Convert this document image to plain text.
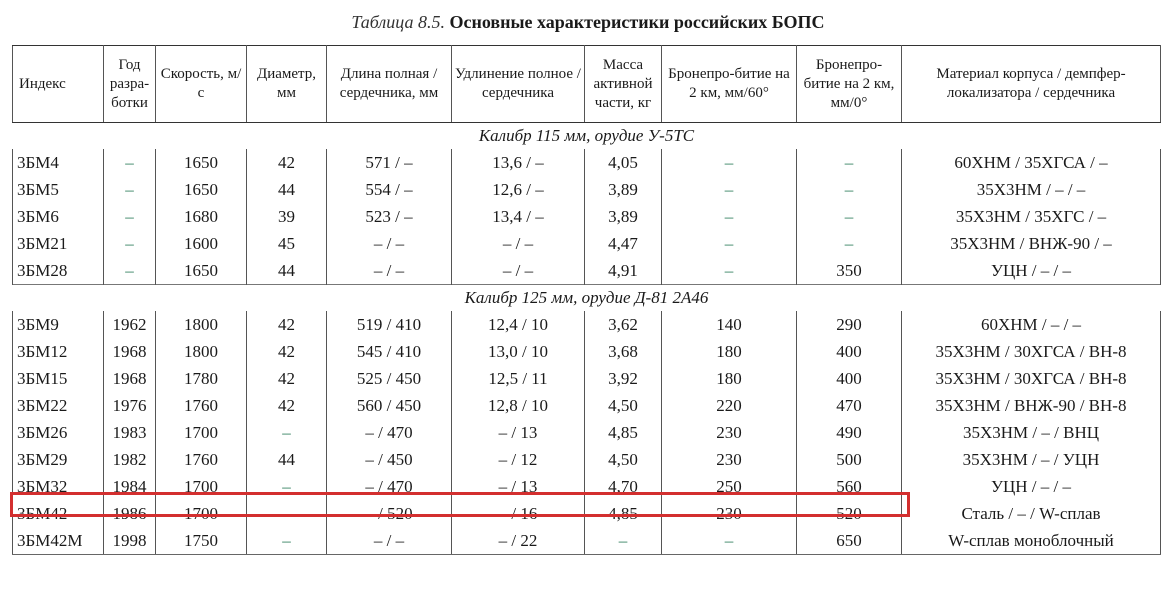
Таблица 8.5. Основные характеристики российских БОПС
Индекс	Год разра-ботки	Скорость, м/с	Диаметр, мм	Длина полная / сердечника, мм	Удлинение полное / сердечника	Масса активной части, кг	Бронепро-битие на 2 км, мм/60°	Бронепро-битие на 2 км, мм/0°	Материал корпуса / демпфер-локализатора / сердечника
Калибр 115 мм, орудие У-5ТС									
3БМ4	–	1650	42	571 / –	13,6 / –	4,05	–	–	60ХНМ / 35ХГСА / –
3БМ5	–	1650	44	554 / –	12,6 / –	3,89	–	–	35Х3НМ / – / –
3БМ6	–	1680	39	523 / –	13,4 / –	3,89	–	–	35Х3НМ / 35ХГС / –
3БМ21	–	1600	45	– / –	– / –	4,47	–	–	35Х3НМ / ВНЖ-90 / –
3БМ28	–	1650	44	– / –	– / –	4,91	–	350	УЦН / – / –
Калибр 125 мм, орудие Д-81 2А46									
3БМ9	1962	1800	42	519 / 410	12,4 / 10	3,62	140	290	60ХНМ / – / –
3БМ12	1968	1800	42	545 / 410	13,0 / 10	3,68	180	400	35Х3НМ / 30ХГСА / ВН-8
3БМ15	1968	1780	42	525 / 450	12,5 / 11	3,92	180	400	35Х3НМ / 30ХГСА / ВН-8
3БМ22	1976	1760	42	560 / 450	12,8 / 10	4,50	220	470	35Х3НМ / ВНЖ-90 / ВН-8
3БМ26	1983	1700	–	– / 470	– / 13	4,85	230	490	35Х3НМ / – / ВНЦ
3БМ29	1982	1760	44	– / 450	– / 12	4,50	230	500	35Х3НМ / – / УЦН
3БМ32	1984	1700	–	– / 470	– / 13	4,70	250	560	УЦН / – / –
3БМ42	1986	1700	–	– / 520	– / 16	4,85	230	520	Сталь / – / W-сплав
3БМ42М	1998	1750	–	– / –	– / 22	–	–	650	W-сплав моноблочный
